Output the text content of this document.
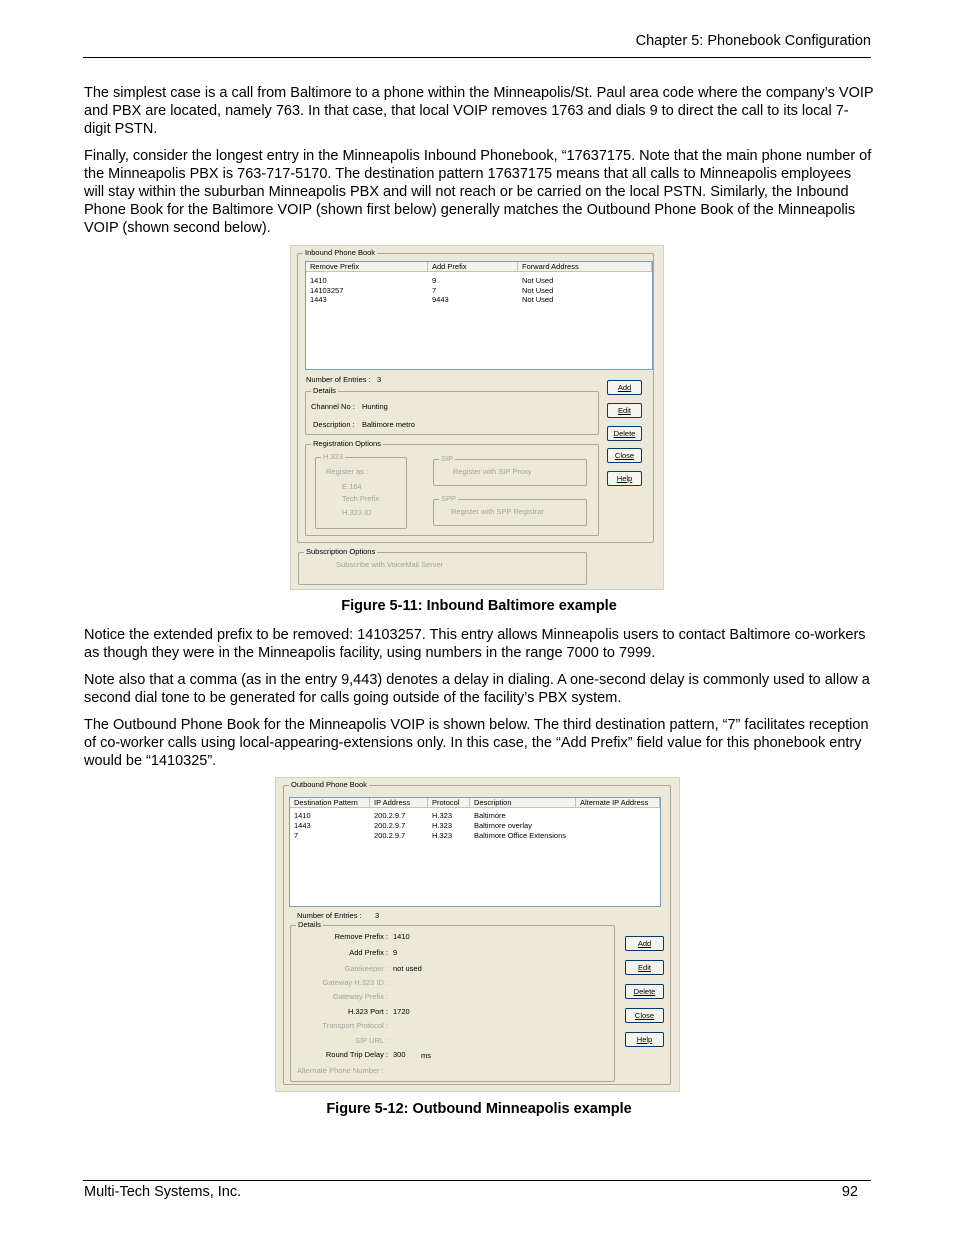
Chapter 5: Phonebook Configuration

The simplest case is a call from Baltimore to a phone within the Minneapolis/St. Paul area code where the company’s VOIP and PBX are located, namely 763. In that case, that local VOIP removes 1763 and dials 9 to direct the call to its local 7-digit PSTN.

Finally, consider the longest entry in the Minneapolis Inbound Phonebook, “17637175. Note that the main phone number of the Minneapolis PBX is 763-717-5170. The destination pattern 17637175 means that all calls to Minneapolis employees will stay within the suburban Minneapolis PBX and will not reach or be carried on the local PSTN. Similarly, the Inbound Phone Book for the Baltimore VOIP (shown first below) generally matches the Outbound Phone Book of the Minneapolis VOIP (shown second below).

Inbound Phone Book
Remove Prefix	Add Prefix	Forward Address
1410	9	Not Used
14103257	7	Not Used
1443	9443	Not Used
Number of Entries : 3
Details
Channel No : Hunting
Description : Baltimore metro
Registration Options
H.323
Register as :
E.164
Tech Prefix
H.323 ID
SIP
Register with SIP Proxy
SPP
Register with SPP Registrar
Subscription Options
Subscribe with VoiceMail Server
Add
Edit
Delete
Close
Help
Figure 5-11: Inbound Baltimore example

Notice the extended prefix to be removed: 14103257. This entry allows Minneapolis users to contact Baltimore co-workers as though they were in the Minneapolis facility, using numbers in the range 7000 to 7999.

Note also that a comma (as in the entry 9,443) denotes a delay in dialing. A one-second delay is commonly used to allow a second dial tone to be generated for calls going outside of the facility’s PBX system.

The Outbound Phone Book for the Minneapolis VOIP is shown below. The third destination pattern, “7” facilitates reception of co-worker calls using local-appearing-extensions only. In this case, the “Add Prefix” field value for this phonebook entry would be “1410325”.

Outbound Phone Book
Destination Pattern	IP Address	Protocol	Description	Alternate IP Address
1410	200.2.9.7	H.323	Baltimore
1443	200.2.9.7	H.323	Baltimore overlay
7	200.2.9.7	H.323	Baltimore Office Extensions
Number of Entries : 3
Details
Remove Prefix : 1410
Add Prefix : 9
Gatekeeper : not used
Gateway H.323 ID :
Gateway Prefix :
H.323 Port : 1720
Transport Protocol :
SIP URL :
Round Trip Delay : 300 ms
Alternate Phone Number :
Add
Edit
Delete
Close
Help
Figure 5-12: Outbound Minneapolis example
Multi-Tech Systems, Inc.	92
